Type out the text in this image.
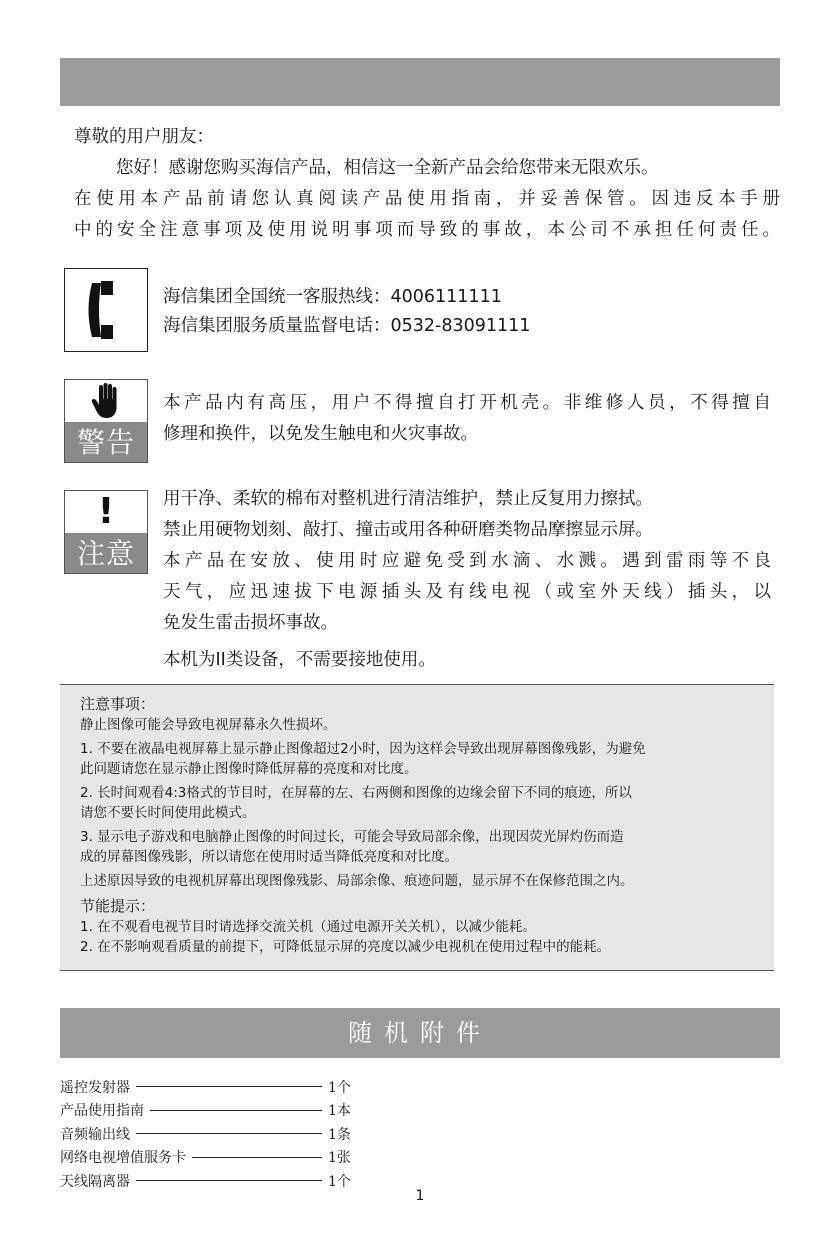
尊敬的用户朋友：

您好！感谢您购买海信产品，相信这一全新产品会给您带来无限欢乐。

在使用本产品前请您认真阅读产品使用指南，并妥善保管。因违反本手册

中的安全注意事项及使用说明事项而导致的事故，本公司不承担任何责任。

海信集团全国统一客服热线：4006111111

海信集团服务质量监督电话：0532-83091111

警告

本产品内有高压，用户不得擅自打开机壳。非维修人员，不得擅自

修理和换件，以免发生触电和火灾事故。

!
注意

用干净、柔软的棉布对整机进行清洁维护，禁止反复用力擦拭。

禁止用硬物划刻、敲打、撞击或用各种研磨类物品摩擦显示屏。

本产品在安放、使用时应避免受到水滴、水溅。遇到雷雨等不良

天气，应迅速拔下电源插头及有线电视（或室外天线）插头，以

免发生雷击损坏事故。

本机为II类设备，不需要接地使用。

注意事项：

静止图像可能会导致电视屏幕永久性损坏。

1. 不要在液晶电视屏幕上显示静止图像超过2小时，因为这样会导致出现屏幕图像残影，为避免

此问题请您在显示静止图像时降低屏幕的亮度和对比度。

2. 长时间观看4:3格式的节目时，在屏幕的左、右两侧和图像的边缘会留下不同的痕迹，所以

请您不要长时间使用此模式。

3. 显示电子游戏和电脑静止图像的时间过长，可能会导致局部余像，出现因荧光屏灼伤而造

成的屏幕图像残影，所以请您在使用时适当降低亮度和对比度。

上述原因导致的电视机屏幕出现图像残影、局部余像、痕迹问题，显示屏不在保修范围之内。

节能提示：

1. 在不观看电视节目时请选择交流关机（通过电源开关关机），以减少能耗。

2. 在不影响观看质量的前提下，可降低显示屏的亮度以减少电视机在使用过程中的能耗。

随机附件
遥控发射器	1个
产品使用指南	1本
音频输出线	1条
网络电视增值服务卡	1张
天线隔离器	1个
1
